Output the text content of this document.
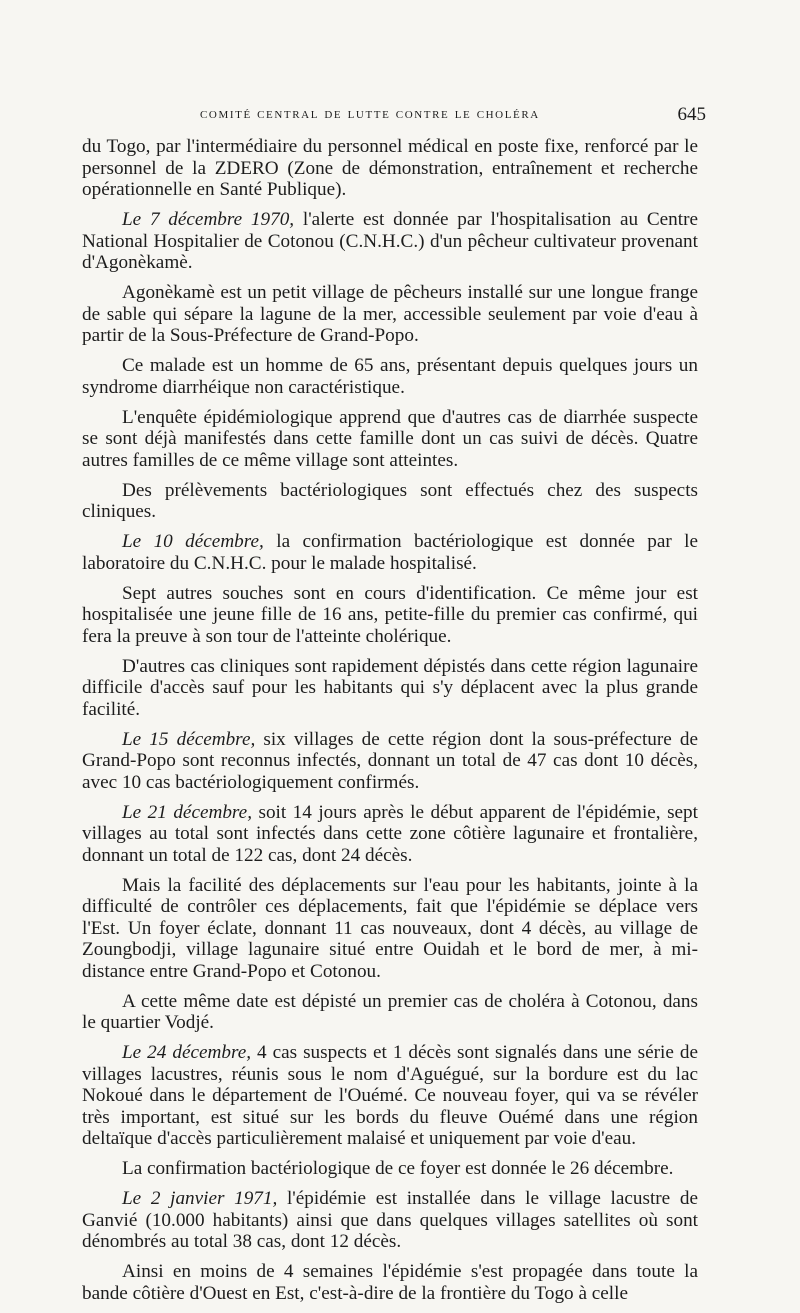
comité central de lutte contre le choléra	645

du Togo, par l'intermédiaire du personnel médical en poste fixe, renforcé par le personnel de la ZDERO (Zone de démonstration, entraînement et recherche opérationnelle en Santé Publique).

Le 7 décembre 1970, l'alerte est donnée par l'hospitalisation au Centre National Hospitalier de Cotonou (C.N.H.C.) d'un pêcheur cultivateur provenant d'Agonèkamè.

Agonèkamè est un petit village de pêcheurs installé sur une longue frange de sable qui sépare la lagune de la mer, accessible seulement par voie d'eau à partir de la Sous-Préfecture de Grand-Popo.

Ce malade est un homme de 65 ans, présentant depuis quelques jours un syndrome diarrhéique non caractéristique.

L'enquête épidémiologique apprend que d'autres cas de diarrhée suspecte se sont déjà manifestés dans cette famille dont un cas suivi de décès. Quatre autres familles de ce même village sont atteintes.

Des prélèvements bactériologiques sont effectués chez des suspects cliniques.

Le 10 décembre, la confirmation bactériologique est donnée par le laboratoire du C.N.H.C. pour le malade hospitalisé.

Sept autres souches sont en cours d'identification. Ce même jour est hospitalisée une jeune fille de 16 ans, petite-fille du premier cas confirmé, qui fera la preuve à son tour de l'atteinte cholérique.

D'autres cas cliniques sont rapidement dépistés dans cette région lagunaire difficile d'accès sauf pour les habitants qui s'y déplacent avec la plus grande facilité.

Le 15 décembre, six villages de cette région dont la sous-préfecture de Grand-Popo sont reconnus infectés, donnant un total de 47 cas dont 10 décès, avec 10 cas bactériologiquement confirmés.

Le 21 décembre, soit 14 jours après le début apparent de l'épidémie, sept villages au total sont infectés dans cette zone côtière lagunaire et frontalière, donnant un total de 122 cas, dont 24 décès.

Mais la facilité des déplacements sur l'eau pour les habitants, jointe à la difficulté de contrôler ces déplacements, fait que l'épidémie se déplace vers l'Est. Un foyer éclate, donnant 11 cas nouveaux, dont 4 décès, au village de Zoungbodji, village lagunaire situé entre Ouidah et le bord de mer, à mi-distance entre Grand-Popo et Cotonou.

A cette même date est dépisté un premier cas de choléra à Cotonou, dans le quartier Vodjé.

Le 24 décembre, 4 cas suspects et 1 décès sont signalés dans une série de villages lacustres, réunis sous le nom d'Aguégué, sur la bordure est du lac Nokoué dans le département de l'Ouémé. Ce nouveau foyer, qui va se révéler très important, est situé sur les bords du fleuve Ouémé dans une région deltaïque d'accès particulièrement malaisé et uniquement par voie d'eau.

La confirmation bactériologique de ce foyer est donnée le 26 décembre.

Le 2 janvier 1971, l'épidémie est installée dans le village lacustre de Ganvié (10.000 habitants) ainsi que dans quelques villages satellites où sont dénombrés au total 38 cas, dont 12 décès.

Ainsi en moins de 4 semaines l'épidémie s'est propagée dans toute la bande côtière d'Ouest en Est, c'est-à-dire de la frontière du Togo à celle
